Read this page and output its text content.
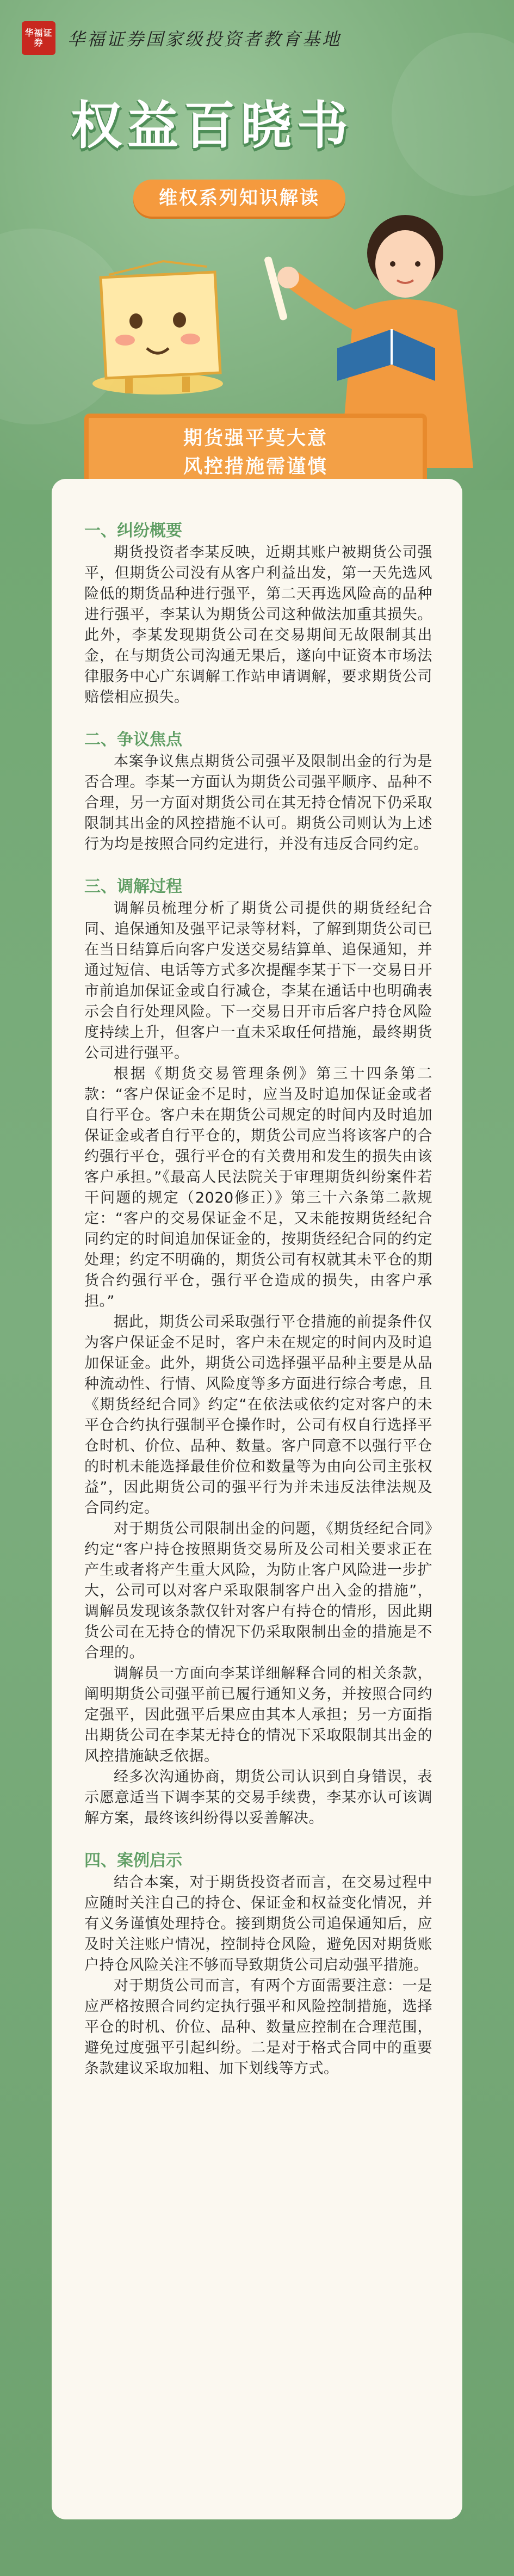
华福证券	华福证券国家级投资者教育基地
权益百晓书
维权系列知识解读
期货强平莫大意
风控措施需谨慎
一、纠纷概要

期货投资者李某反映，近期其账户被期货公司强平，但期货公司没有从客户利益出发，第一天先选风险低的期货品种进行强平，第二天再选风险高的品种进行强平，李某认为期货公司这种做法加重其损失。此外，李某发现期货公司在交易期间无故限制其出金，在与期货公司沟通无果后，遂向中证资本市场法律服务中心广东调解工作站申请调解，要求期货公司赔偿相应损失。

二、争议焦点

本案争议焦点期货公司强平及限制出金的行为是否合理。李某一方面认为期货公司强平顺序、品种不合理，另一方面对期货公司在其无持仓情况下仍采取限制其出金的风控措施不认可。期货公司则认为上述行为均是按照合同约定进行，并没有违反合同约定。

三、调解过程

调解员梳理分析了期货公司提供的期货经纪合同、追保通知及强平记录等材料，了解到期货公司已在当日结算后向客户发送交易结算单、追保通知，并通过短信、电话等方式多次提醒李某于下一交易日开市前追加保证金或自行减仓，李某在通话中也明确表示会自行处理风险。下一交易日开市后客户持仓风险度持续上升，但客户一直未采取任何措施，最终期货公司进行强平。

根据《期货交易管理条例》第三十四条第二款：“客户保证金不足时，应当及时追加保证金或者自行平仓。客户未在期货公司规定的时间内及时追加保证金或者自行平仓的，期货公司应当将该客户的合约强行平仓，强行平仓的有关费用和发生的损失由该客户承担。”《最高人民法院关于审理期货纠纷案件若干问题的规定（2020修正）》第三十六条第二款规定：“客户的交易保证金不足，又未能按期货经纪合同约定的时间追加保证金的，按期货经纪合同的约定处理；约定不明确的，期货公司有权就其未平仓的期货合约强行平仓，强行平仓造成的损失，由客户承担。”

据此，期货公司采取强行平仓措施的前提条件仅为客户保证金不足时，客户未在规定的时间内及时追加保证金。此外，期货公司选择强平品种主要是从品种流动性、行情、风险度等多方面进行综合考虑，且《期货经纪合同》约定“在依法或依约定对客户的未平仓合约执行强制平仓操作时，公司有权自行选择平仓时机、价位、品种、数量。客户同意不以强行平仓的时机未能选择最佳价位和数量等为由向公司主张权益”，因此期货公司的强平行为并未违反法律法规及合同约定。

对于期货公司限制出金的问题，《期货经纪合同》约定“客户持仓按照期货交易所及公司相关要求正在产生或者将产生重大风险，为防止客户风险进一步扩大，公司可以对客户采取限制客户出入金的措施”，调解员发现该条款仅针对客户有持仓的情形，因此期货公司在无持仓的情况下仍采取限制出金的措施是不合理的。

调解员一方面向李某详细解释合同的相关条款，阐明期货公司强平前已履行通知义务，并按照合同约定强平，因此强平后果应由其本人承担；另一方面指出期货公司在李某无持仓的情况下采取限制其出金的风控措施缺乏依据。

经多次沟通协商，期货公司认识到自身错误，表示愿意适当下调李某的交易手续费，李某亦认可该调解方案，最终该纠纷得以妥善解决。

四、案例启示

结合本案，对于期货投资者而言，在交易过程中应随时关注自己的持仓、保证金和权益变化情况，并有义务谨慎处理持仓。接到期货公司追保通知后，应及时关注账户情况，控制持仓风险，避免因对期货账户持仓风险关注不够而导致期货公司启动强平措施。

对于期货公司而言，有两个方面需要注意：一是应严格按照合同约定执行强平和风险控制措施，选择平仓的时机、价位、品种、数量应控制在合理范围，避免过度强平引起纠纷。二是对于格式合同中的重要条款建议采取加粗、加下划线等方式。
